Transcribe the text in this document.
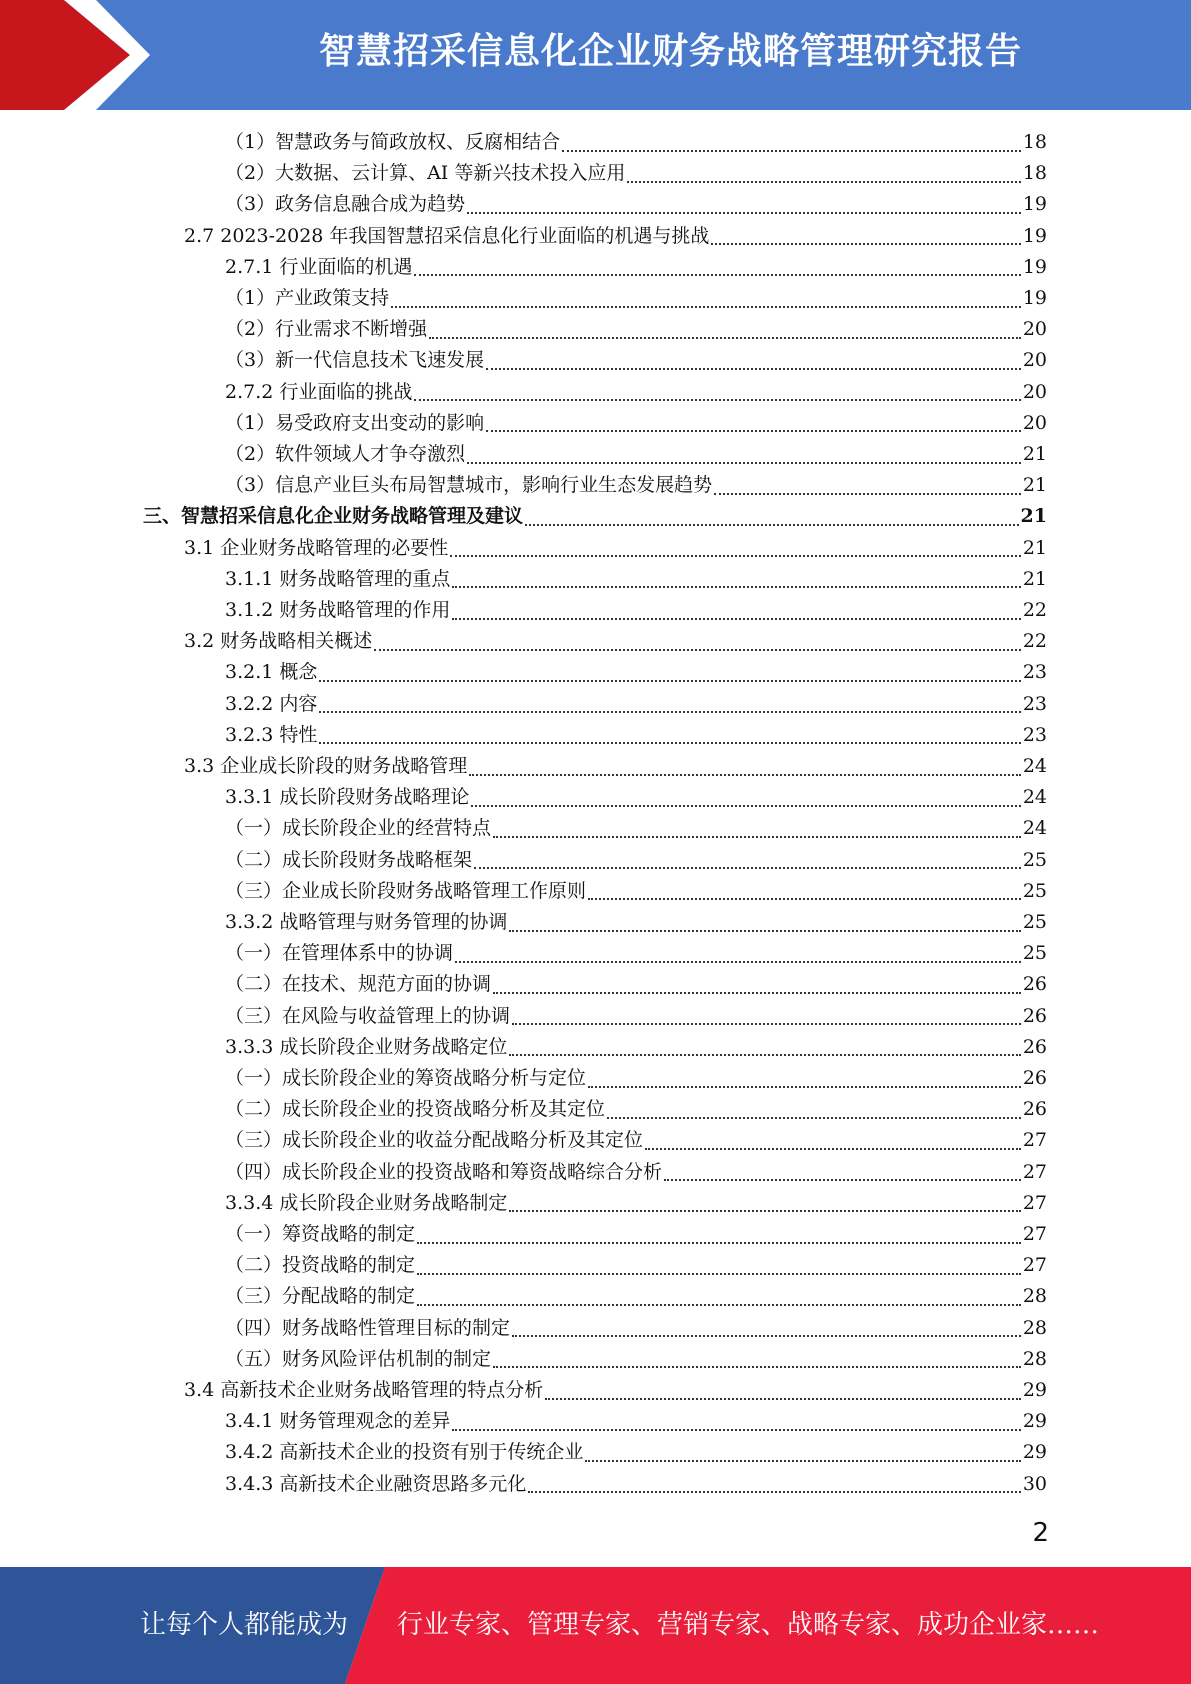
智慧招采信息化企业财务战略管理研究报告
（1）智慧政务与简政放权、反腐相结合	18
（2）大数据、云计算、AI 等新兴技术投入应用	18
（3）政务信息融合成为趋势	19
2.7 2023-2028 年我国智慧招采信息化行业面临的机遇与挑战	19
2.7.1 行业面临的机遇	19
（1）产业政策支持	19
（2）行业需求不断增强	20
（3）新一代信息技术飞速发展	20
2.7.2 行业面临的挑战	20
（1）易受政府支出变动的影响	20
（2）软件领域人才争夺激烈	21
（3）信息产业巨头布局智慧城市，影响行业生态发展趋势	21
三、智慧招采信息化企业财务战略管理及建议	21
3.1 企业财务战略管理的必要性	21
3.1.1 财务战略管理的重点	21
3.1.2 财务战略管理的作用	22
3.2 财务战略相关概述	22
3.2.1 概念	23
3.2.2 内容	23
3.2.3 特性	23
3.3 企业成长阶段的财务战略管理	24
3.3.1 成长阶段财务战略理论	24
（一）成长阶段企业的经营特点	24
（二）成长阶段财务战略框架	25
（三）企业成长阶段财务战略管理工作原则	25
3.3.2 战略管理与财务管理的协调	25
（一）在管理体系中的协调	25
（二）在技术、规范方面的协调	26
（三）在风险与收益管理上的协调	26
3.3.3 成长阶段企业财务战略定位	26
（一）成长阶段企业的筹资战略分析与定位	26
（二）成长阶段企业的投资战略分析及其定位	26
（三）成长阶段企业的收益分配战略分析及其定位	27
（四）成长阶段企业的投资战略和筹资战略综合分析	27
3.3.4 成长阶段企业财务战略制定	27
（一）筹资战略的制定	27
（二）投资战略的制定	27
（三）分配战略的制定	28
（四）财务战略性管理目标的制定	28
（五）财务风险评估机制的制定	28
3.4 高新技术企业财务战略管理的特点分析	29
3.4.1 财务管理观念的差异	29
3.4.2 高新技术企业的投资有别于传统企业	29
3.4.3 高新技术企业融资思路多元化	30
2
让每个人都能成为 行业专家、管理专家、营销专家、战略专家、成功企业家……
